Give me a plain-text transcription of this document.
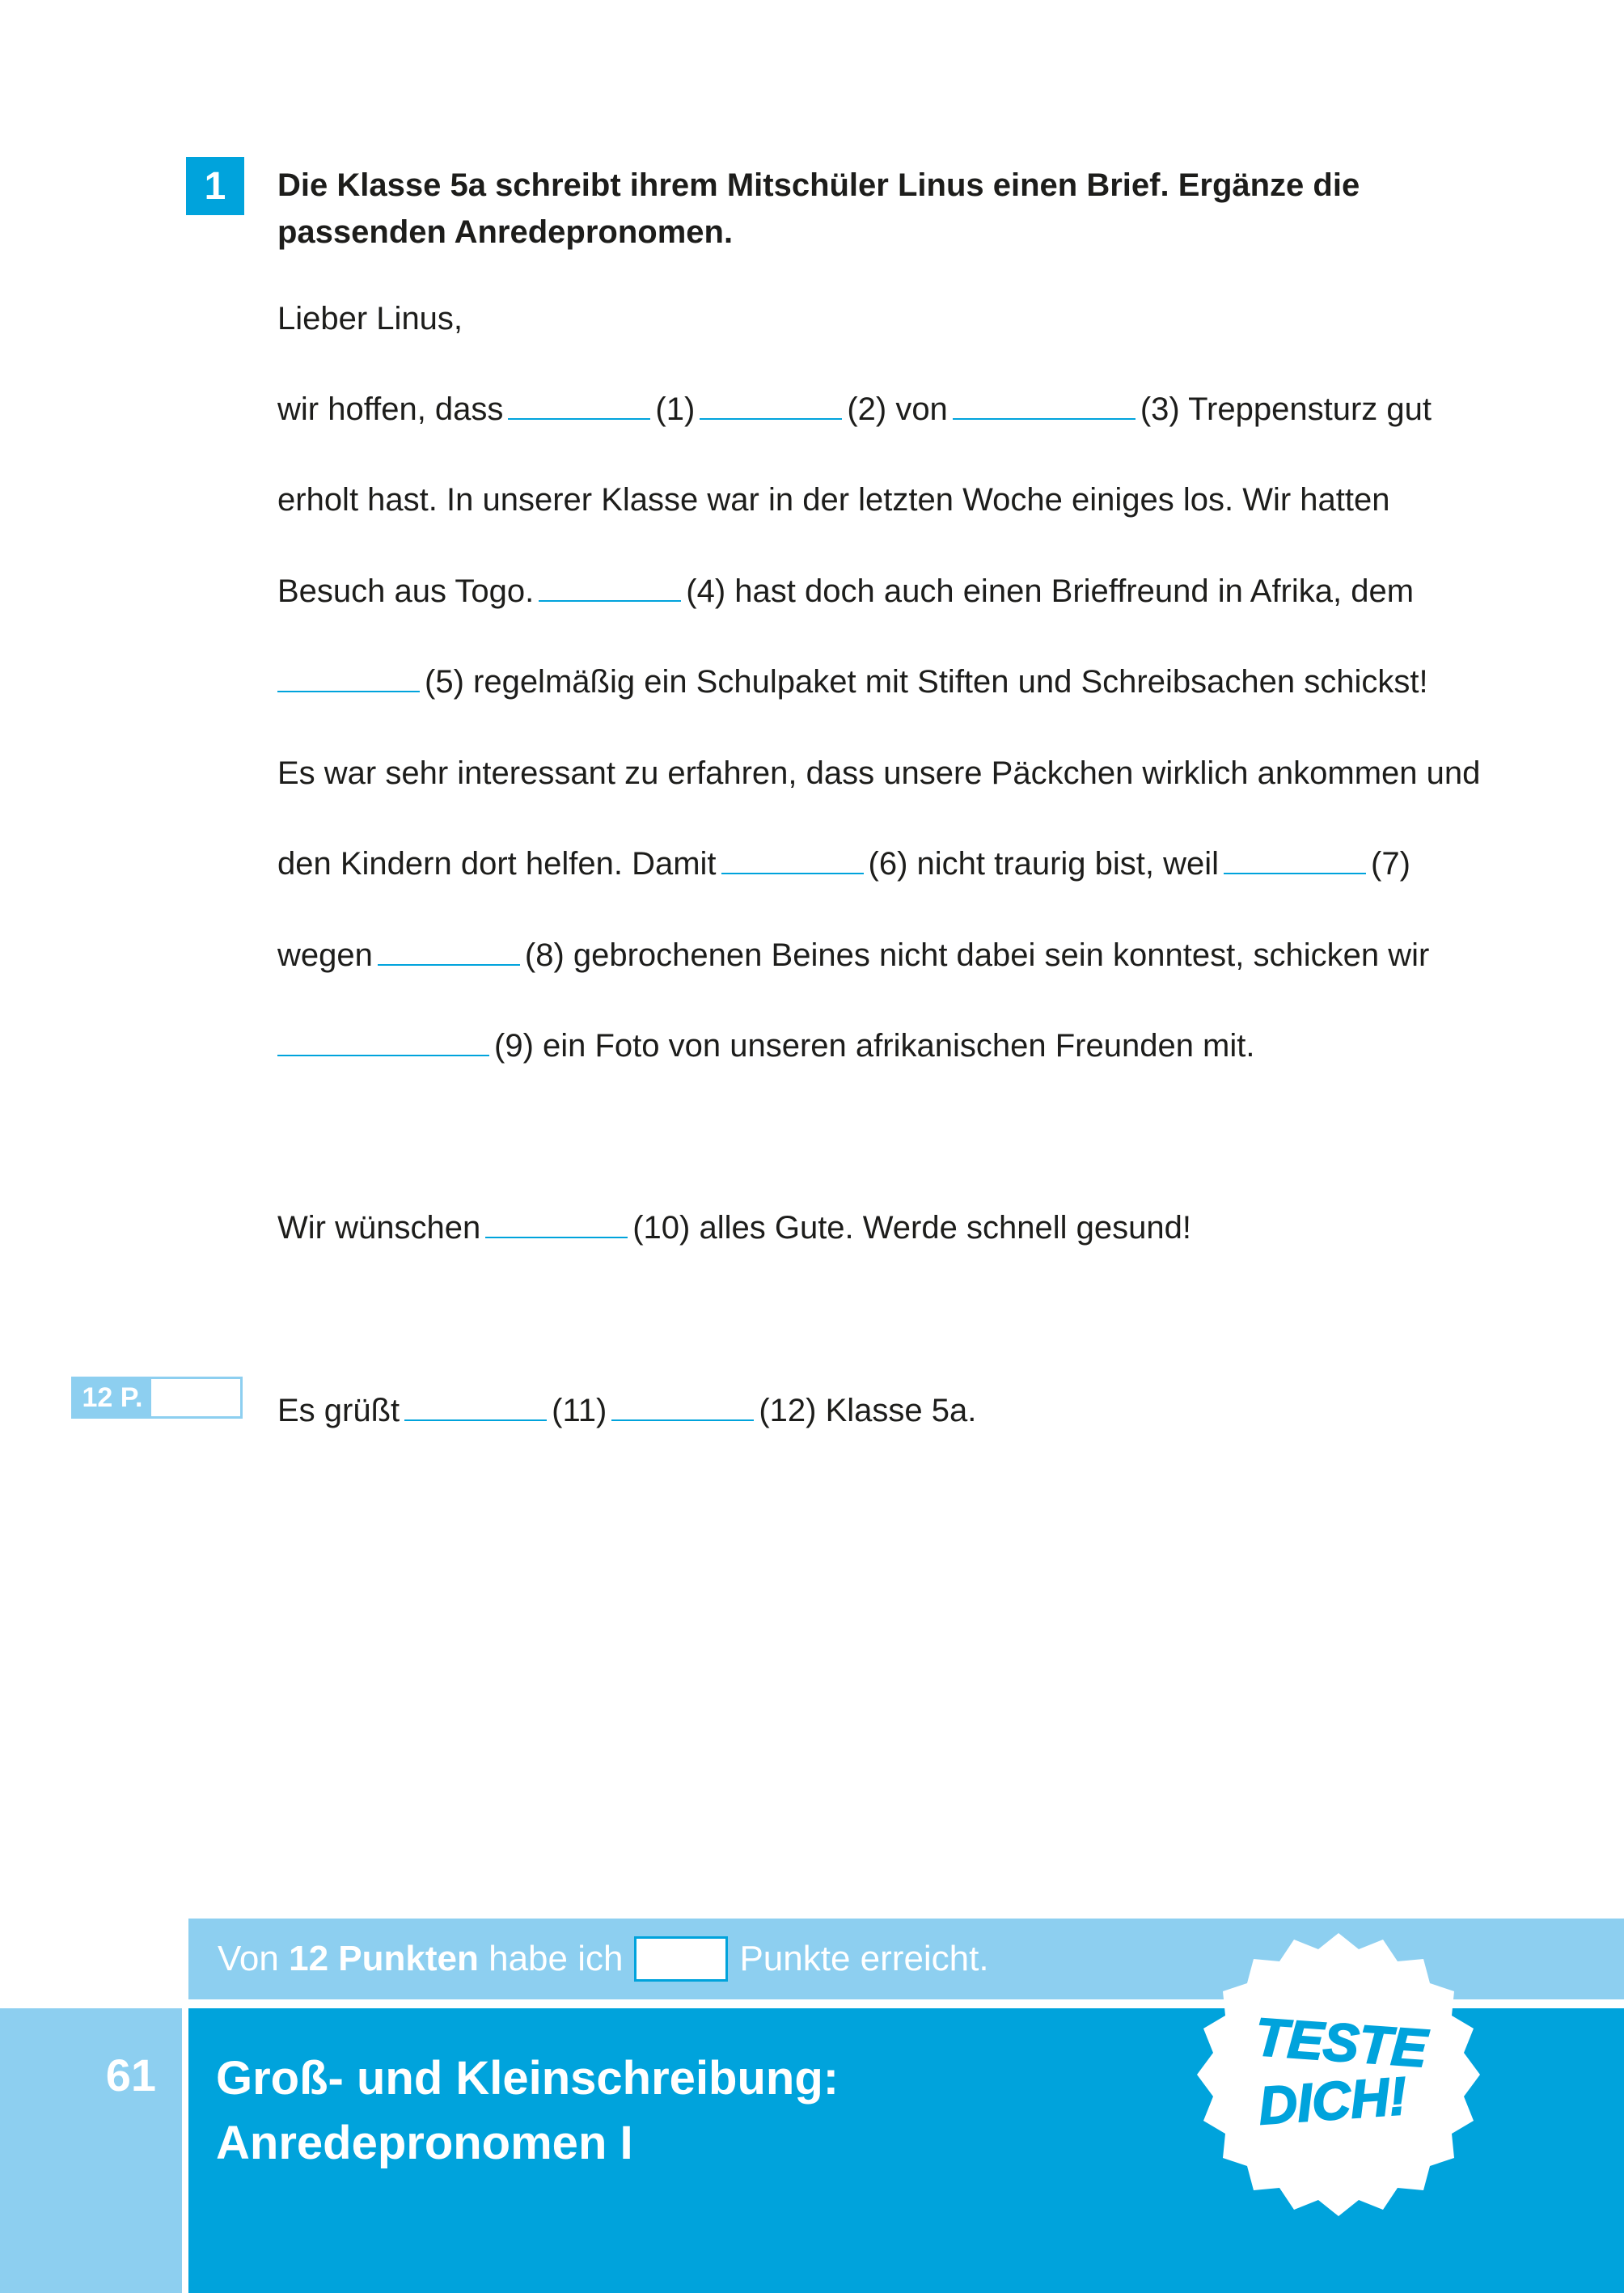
1	Die Klasse 5a schreibt ihrem Mitschüler Linus einen Brief. Ergänze die passenden Anredepronomen.

Lieber Linus,
wir hoffen, dass	(1)	(2) von	(3) Treppensturz gut
erholt hast. In unserer Klasse war in der letzten Woche einiges los. Wir hatten
Besuch aus Togo.	(4) hast doch auch einen Brieffreund in Afrika, dem
(5) regelmäßig ein Schulpaket mit Stiften und Schreibsachen schickst!
Es war sehr interessant zu erfahren, dass unsere Päckchen wirklich ankommen und
den Kindern dort helfen. Damit	(6) nicht traurig bist, weil	(7)
wegen	(8) gebrochenen Beines nicht dabei sein konntest, schicken wir
(9) ein Foto von unseren afrikanischen Freunden mit.
Wir wünschen	(10) alles Gute. Werde schnell gesund!
Es grüßt	(11)	(12) Klasse 5a.
12 P.
Von
12 Punkten
habe ich	Punkte erreicht.
61	Groß- und Kleinschreibung:
Anredepronomen I
TESTE
DICH!
